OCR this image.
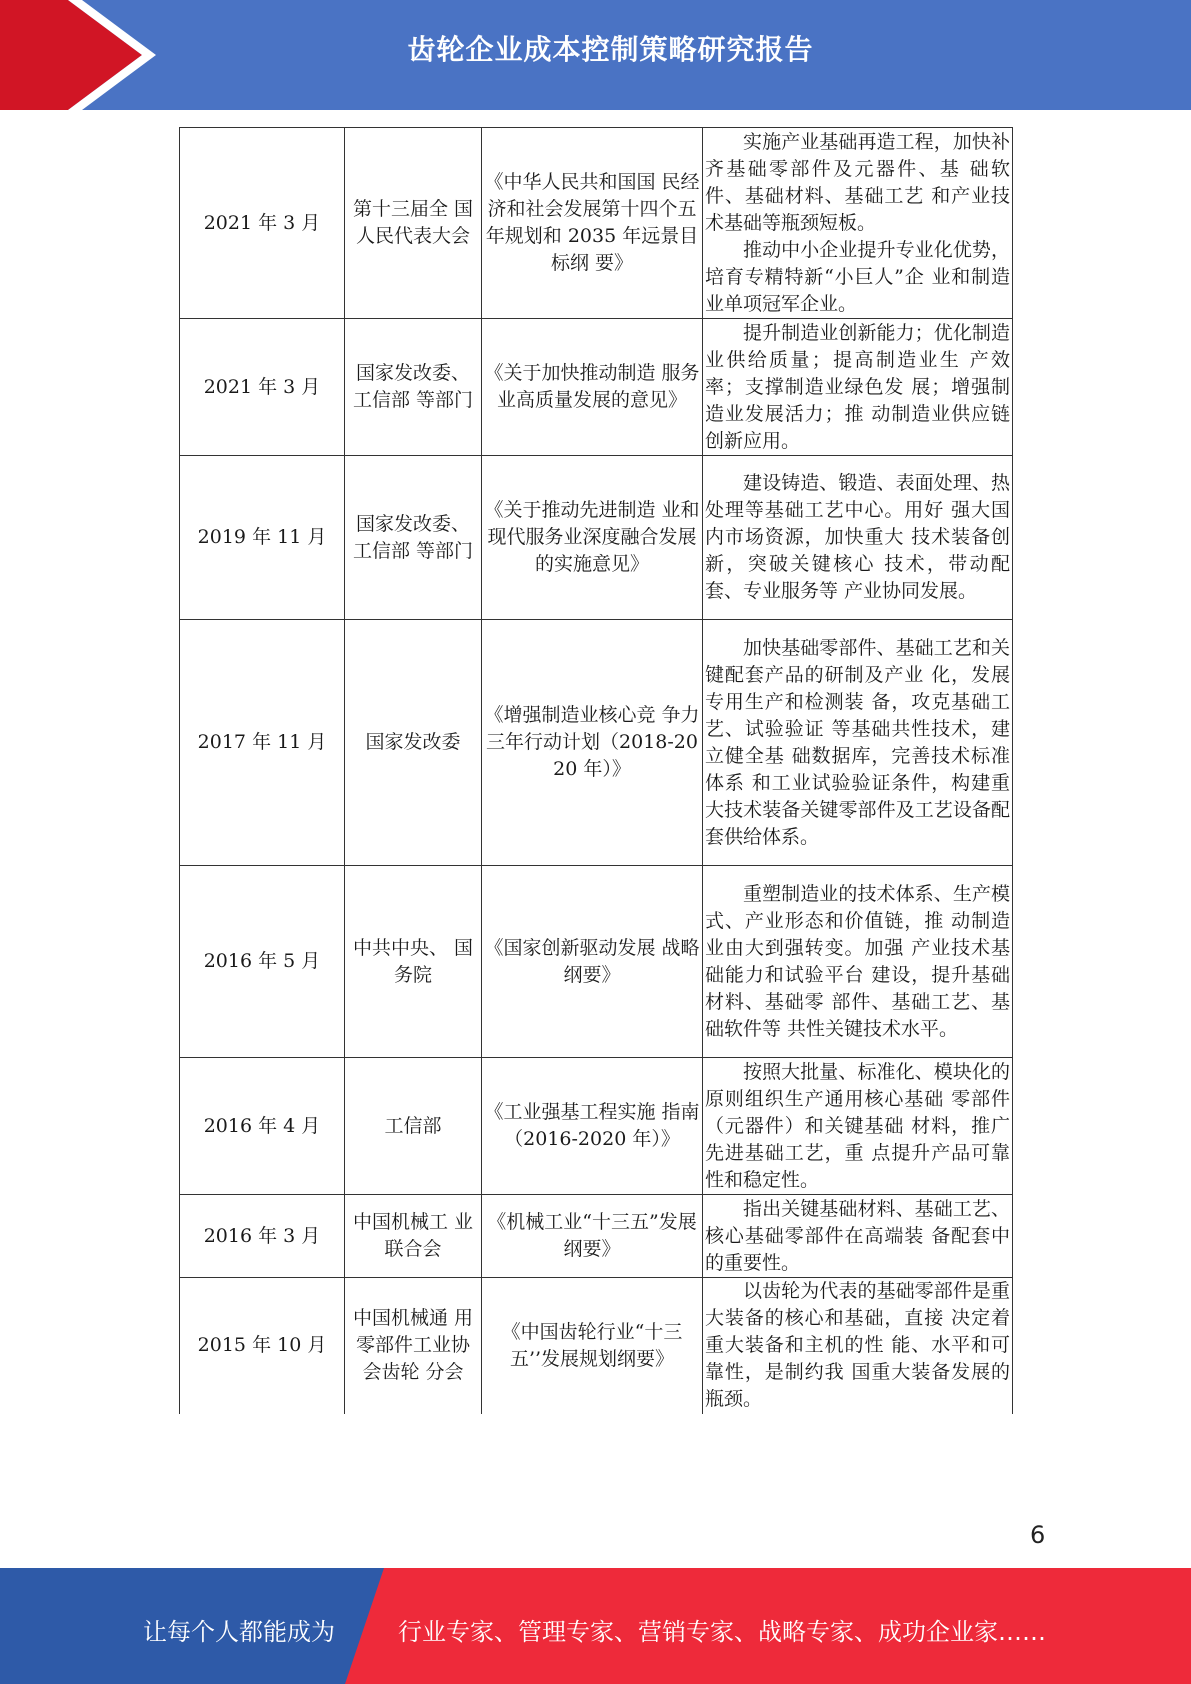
齿轮企业成本控制策略研究报告
2021 年 3 月	第十三届全 国人民代表大会	《中华人民共和国国 民经济和社会发展第十四个五年规划和 2035 年远景目标纲 要》	实施产业基础再造工程，加快补齐基础零部件及元器件、基 础软件、基础材料、基础工艺 和产业技术基础等瓶颈短板。

推动中小企业提升专业化优势，培育专精特新“小巨人”企 业和制造业单项冠军企业。

2021 年 3 月	国家发改委、工信部 等部门	《关于加快推动制造 服务业高质量发展的意见》	提升制造业创新能力；优化制造业供给质量；提高制造业生 产效率；支撑制造业绿色发 展；增强制造业发展活力；推 动制造业供应链创新应用。

2019 年 11 月	国家发改委、工信部 等部门	《关于推动先进制造 业和现代服务业深度融合发展的实施意见》	建设铸造、锻造、表面处理、热处理等基础工艺中心。用好 强大国内市场资源，加快重大 技术装备创新，突破关键核心 技术，带动配套、专业服务等 产业协同发展。

2017 年 11 月	国家发改委	《增强制造业核心竞 争力三年行动计划（2018-2020 年）》	加快基础零部件、基础工艺和关键配套产品的研制及产业 化，发展专用生产和检测装 备，攻克基础工艺、试验验证 等基础共性技术，建立健全基 础数据库，完善技术标准体系 和工业试验验证条件，构建重 大技术装备关键零部件及工艺设备配套供给体系。

2016 年 5 月	中共中央、 国务院	《国家创新驱动发展 战略纲要》	重塑制造业的技术体系、生产模式、产业形态和价值链，推 动制造业由大到强转变。加强 产业技术基础能力和试验平台 建设，提升基础材料、基础零 部件、基础工艺、基础软件等 共性关键技术水平。

2016 年 4 月	工信部	《工业强基工程实施 指南（2016-2020 年）》	按照大批量、标准化、模块化的原则组织生产通用核心基础 零部件（元器件）和关键基础 材料，推广先进基础工艺，重 点提升产品可靠性和稳定性。

2016 年 3 月	中国机械工 业联合会	《机械工业“十三五”发展纲要》	指出关键基础材料、基础工艺、核心基础零部件在高端装 备配套中的重要性。

2015 年 10 月	中国机械通 用零部件工业协会齿轮 分会	《中国齿轮行业“十三 五’’发展规划纲要》	以齿轮为代表的基础零部件是重大装备的核心和基础，直接 决定着重大装备和主机的性 能、水平和可靠性，是制约我 国重大装备发展的瓶颈。

6
让每个人都能成为	行业专家、管理专家、营销专家、战略专家、成功企业家……
